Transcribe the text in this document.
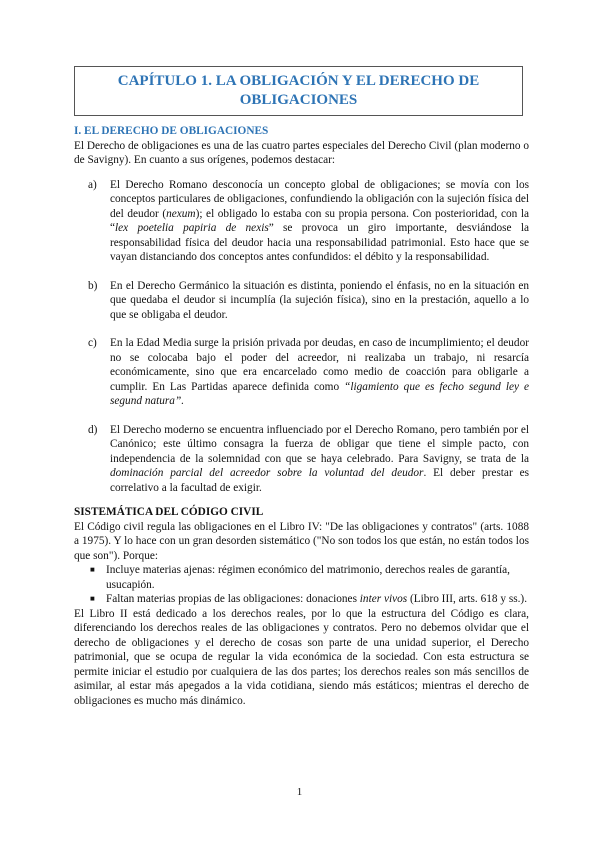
CAPÍTULO 1. LA OBLIGACIÓN Y EL DERECHO DE OBLIGACIONES

I. EL DERECHO DE OBLIGACIONES

El Derecho de obligaciones es una de las cuatro partes especiales del Derecho Civil (plan moderno o de Savigny). En cuanto a sus orígenes, podemos destacar:

a)	El Derecho Romano desconocía un concepto global de obligaciones; se movía con los conceptos particulares de obligaciones, confundiendo la obligación con la sujeción física del del deudor (nexum); el obligado lo estaba con su propia persona. Con posterioridad, con la “lex poetelia papiria de nexis” se provoca un giro importante, desviándose la responsabilidad física del deudor hacia una responsabilidad patrimonial. Esto hace que se vayan distanciando dos conceptos antes confundidos: el débito y la responsabilidad.
b)	En el Derecho Germánico la situación es distinta, poniendo el énfasis, no en la situación en que quedaba el deudor si incumplía (la sujeción física), sino en la prestación, aquello a lo que se obligaba el deudor.
c)	En la Edad Media surge la prisión privada por deudas, en caso de incumplimiento; el deudor no se colocaba bajo el poder del acreedor, ni realizaba un trabajo, ni resarcía económicamente, sino que era encarcelado como medio de coacción para obligarle a cumplir. En Las Partidas aparece definida como “ligamiento que es fecho segund ley e segund natura”.
d)	El Derecho moderno se encuentra influenciado por el Derecho Romano, pero también por el Canónico; este último consagra la fuerza de obligar que tiene el simple pacto, con independencia de la solemnidad con que se haya celebrado. Para Savigny, se trata de la dominación parcial del acreedor sobre la voluntad del deudor. El deber prestar es correlativo a la facultad de exigir.

SISTEMÁTICA DEL CÓDIGO CIVIL

El Código civil regula las obligaciones en el Libro IV: "De las obligaciones y contratos" (arts. 1088 a 1975). Y lo hace con un gran desorden sistemático ("No son todos los que están, no están todos los que son"). Porque:

■ Incluye materias ajenas: régimen económico del matrimonio, derechos reales de garantía, usucapión.
■ Faltan materias propias de las obligaciones: donaciones inter vivos (Libro III, arts. 618 y ss.).

El Libro II está dedicado a los derechos reales, por lo que la estructura del Código es clara, diferenciando los derechos reales de las obligaciones y contratos. Pero no debemos olvidar que el derecho de obligaciones y el derecho de cosas son parte de una unidad superior, el Derecho patrimonial, que se ocupa de regular la vida económica de la sociedad. Con esta estructura se permite iniciar el estudio por cualquiera de las dos partes; los derechos reales son más sencillos de asimilar, al estar más apegados a la vida cotidiana, siendo más estáticos; mientras el derecho de obligaciones es mucho más dinámico.

1
